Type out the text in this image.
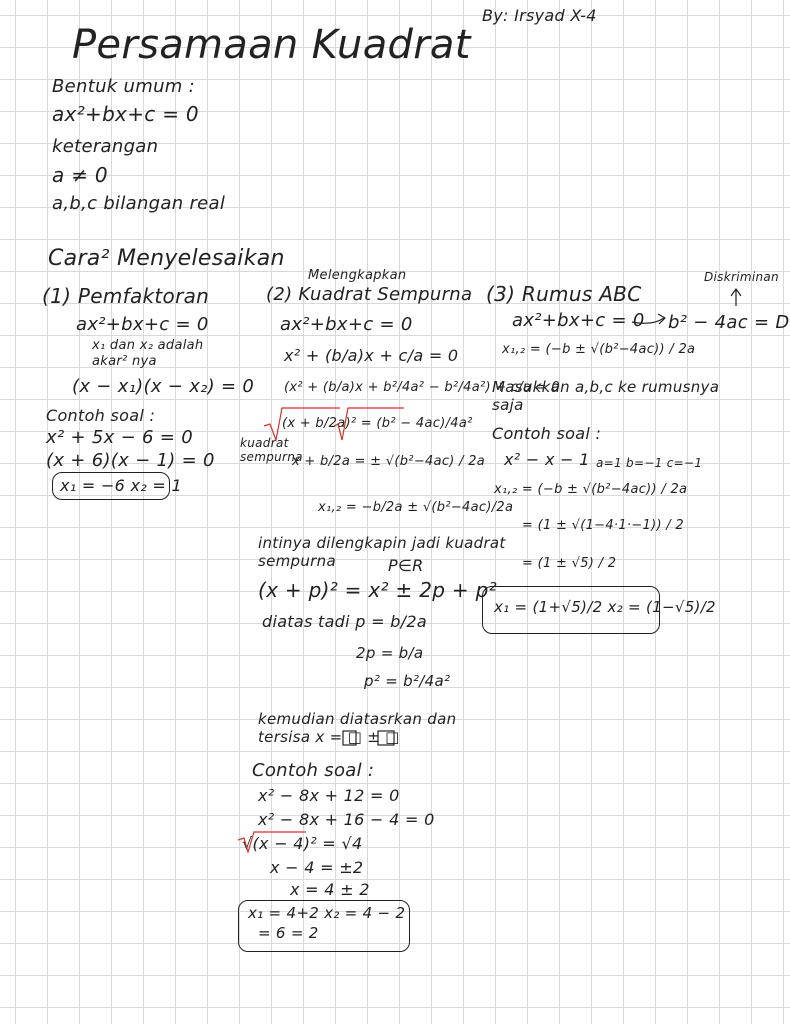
Persamaan Kuadrat
By: Irsyad X-4
Bentuk umum :
ax²+bx+c = 0
keterangan
a ≠ 0
a,b,c bilangan real
Cara² Menyelesaikan
(1) Pemfaktoran
ax²+bx+c = 0
x₁ dan x₂ adalah
akar² nya
(x − x₁)(x − x₂) = 0
Contoh soal :
x² + 5x − 6 = 0
(x + 6)(x − 1) = 0
x₁ = −6 x₂ = 1
Melengkapkan
(2) Kuadrat Sempurna
ax²+bx+c = 0
x² + (b/a)x + c/a = 0
(x² + (b/a)x + b²/4a² − b²/4a²) + c/a = 0
(x + b/2a)² = (b² − 4ac)/4a²
kuadrat
sempurna
x + b/2a = ± √(b²−4ac) / 2a
x₁,₂ = −b/2a ± √(b²−4ac)/2a
intinya dilengkapin jadi kuadrat
sempurna	P∈R
(x + p)² = x² ± 2p + p²
diatas tadi p = b/2a
2p = b/a
p² = b²/4a²
kemudian diatasrkan dan
tersisa x = □ ± □
Contoh soal :
x² − 8x + 12 = 0
x² − 8x + 16 − 4 = 0
√(x − 4)² = √4
x − 4 = ±2
x = 4 ± 2
x₁ = 4+2 x₂ = 4 − 2
= 6 = 2
(3) Rumus ABC
Diskriminan
ax²+bx+c = 0 b² − 4ac = D
x₁,₂ = (−b ± √(b²−4ac)) / 2a
Masukkan a,b,c ke rumusnya
saja
Contoh soal :
x² − x − 1 a=1 b=−1 c=−1
x₁,₂ = (−b ± √(b²−4ac)) / 2a
= (1 ± √(1−4·1·−1)) / 2
= (1 ± √5) / 2
x₁ = (1+√5)/2 x₂ = (1−√5)/2
